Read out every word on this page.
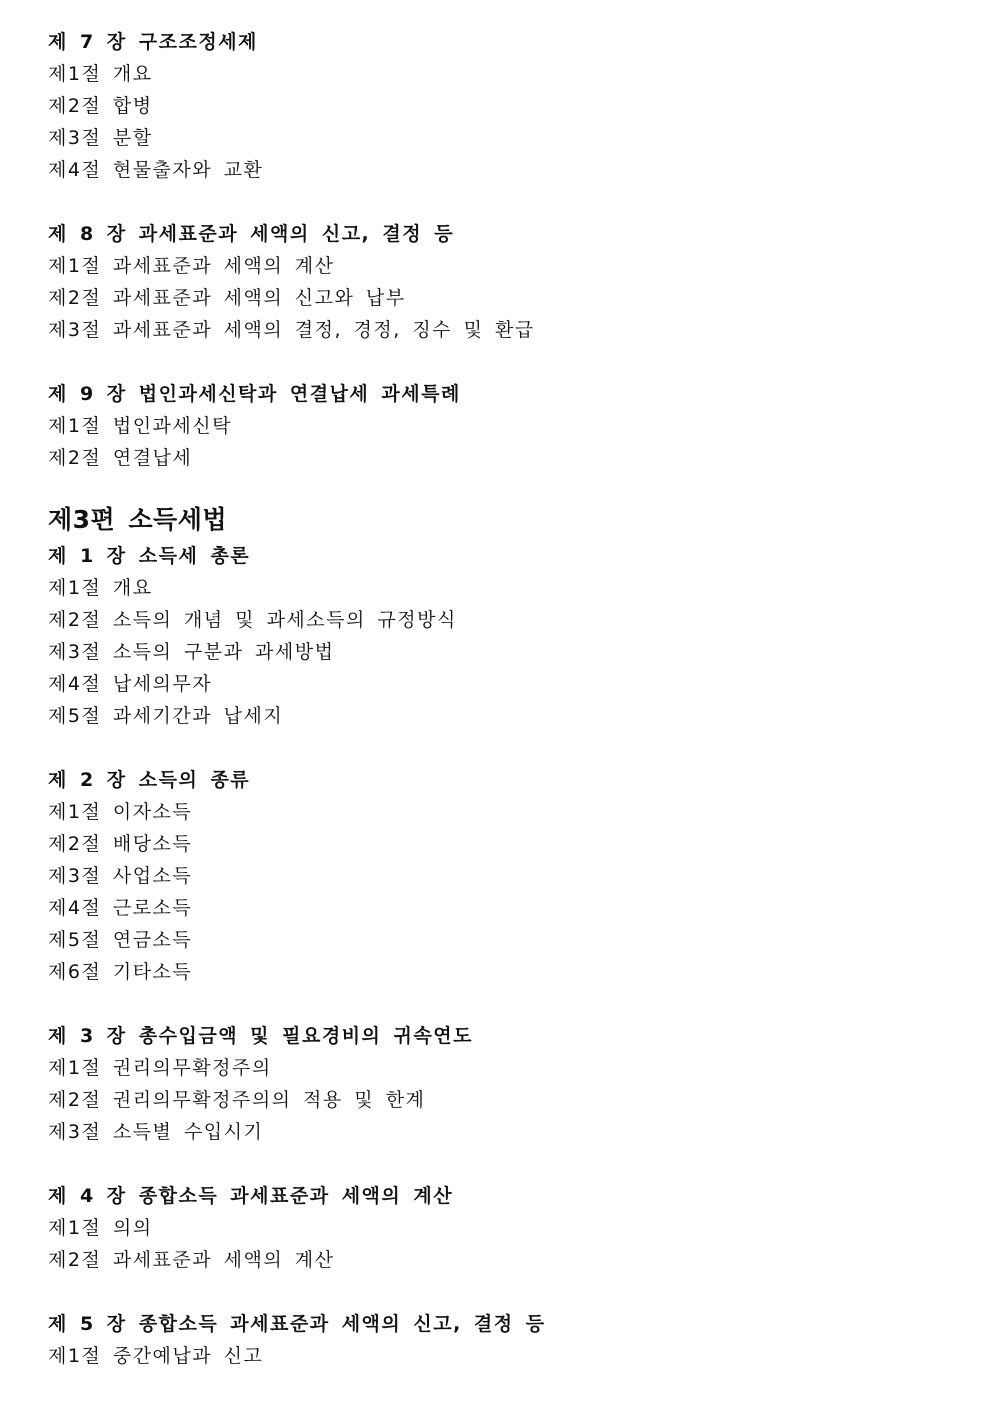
제 7 장 구조조정세제
제1절 개요
제2절 합병
제3절 분할
제4절 현물출자와 교환
제 8 장 과세표준과 세액의 신고, 결정 등
제1절 과세표준과 세액의 계산
제2절 과세표준과 세액의 신고와 납부
제3절 과세표준과 세액의 결정, 경정, 징수 및 환급
제 9 장 법인과세신탁과 연결납세 과세특례
제1절 법인과세신탁
제2절 연결납세
제3편 소득세법
제 1 장 소득세 총론
제1절 개요
제2절 소득의 개념 및 과세소득의 규정방식
제3절 소득의 구분과 과세방법
제4절 납세의무자
제5절 과세기간과 납세지
제 2 장 소득의 종류
제1절 이자소득
제2절 배당소득
제3절 사업소득
제4절 근로소득
제5절 연금소득
제6절 기타소득
제 3 장 총수입금액 및 필요경비의 귀속연도
제1절 권리의무확정주의
제2절 권리의무확정주의의 적용 및 한계
제3절 소득별 수입시기
제 4 장 종합소득 과세표준과 세액의 계산
제1절 의의
제2절 과세표준과 세액의 계산
제 5 장 종합소득 과세표준과 세액의 신고, 결정 등
제1절 중간예납과 신고
